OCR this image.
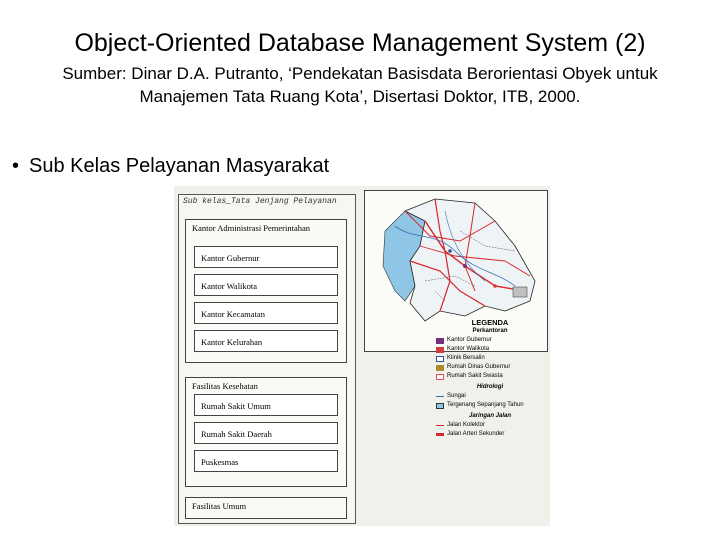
Object-Oriented Database Management System (2)
Sumber: Dinar D.A. Putranto, ‘Pendekatan Basisdata Berorientasi Obyek untuk Manajemen Tata Ruang Kota’, Disertasi Doktor, ITB, 2000.
• Sub Kelas Pelayanan Masyarakat
Sub kelas_Tata Jenjang Pelayanan
Kantor Administrasi Pemerintahan
Kantor Gubernur
Kantor Walikota
Kantor Kecamatan
Kantor Kelurahan
Fasilitas Kesehatan
Rumah Sakit Umum
Rumah Sakit Daerah
Puskesmas
Fasilitas Umum
LEGENDA
Perkantoran
Kantor Gubernur
Kantor Walikota
Klinik Bersalin
Rumah Dinas Gubernur
Rumah Sakit Swasta
Hidrologi
Sungai
Tergenang Sepanjang Tahun
Jaringan Jalan
Jalan Kolektor
Jalan Arteri Sekunder
